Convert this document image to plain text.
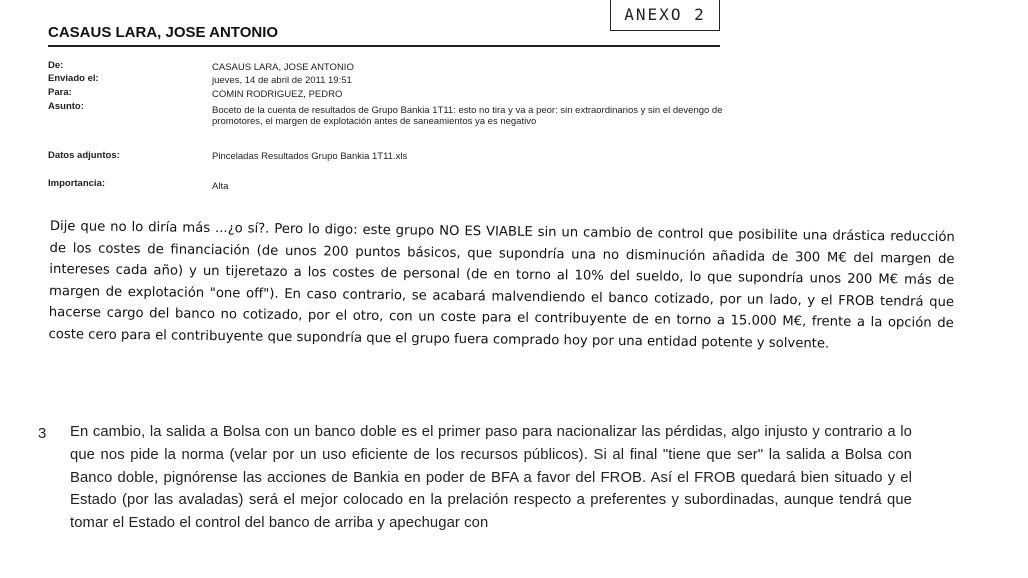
ANEXO 2
CASAUS LARA, JOSE ANTONIO
De:	CASAUS LARA, JOSE ANTONIO
Enviado el:	jueves, 14 de abril de 2011 19:51
Para:	COMIN RODRIGUEZ, PEDRO
Asunto:	Boceto de la cuenta de resultados de Grupo Bankia 1T11: esto no tira y va a peor: sin extraordinarios y sin el devengo de promotores, el margen de explotación antes de saneamientos ya es negativo
Datos adjuntos:	Pinceladas Resultados Grupo Bankia 1T11.xls
Importancia:	Alta
Dije que no lo diría más ...¿o sí?. Pero lo digo: este grupo NO ES VIABLE sin un cambio de control que posibilite una drástica reducción de los costes de financiación (de unos 200 puntos básicos, que supondría una no disminución añadida de 300 M€ del margen de intereses cada año) y un tijeretazo a los costes de personal (de en torno al 10% del sueldo, lo que supondría unos 200 M€ más de margen de explotación "one off"). En caso contrario, se acabará malvendiendo el banco cotizado, por un lado, y el FROB tendrá que hacerse cargo del banco no cotizado, por el otro, con un coste para el contribuyente de en torno a 15.000 M€, frente a la opción de coste cero para el contribuyente que supondría que el grupo fuera comprado hoy por una entidad potente y solvente.
3 En cambio, la salida a Bolsa con un banco doble es el primer paso para nacionalizar las pérdidas, algo injusto y contrario a lo que nos pide la norma (velar por un uso eficiente de los recursos públicos). Si al final "tiene que ser" la salida a Bolsa con Banco doble, pignórense las acciones de Bankia en poder de BFA a favor del FROB. Así el FROB quedará bien situado y el Estado (por las avaladas) será el mejor colocado en la prelación respecto a preferentes y subordinadas, aunque tendrá que tomar el Estado el control del banco de arriba y apechugar con
